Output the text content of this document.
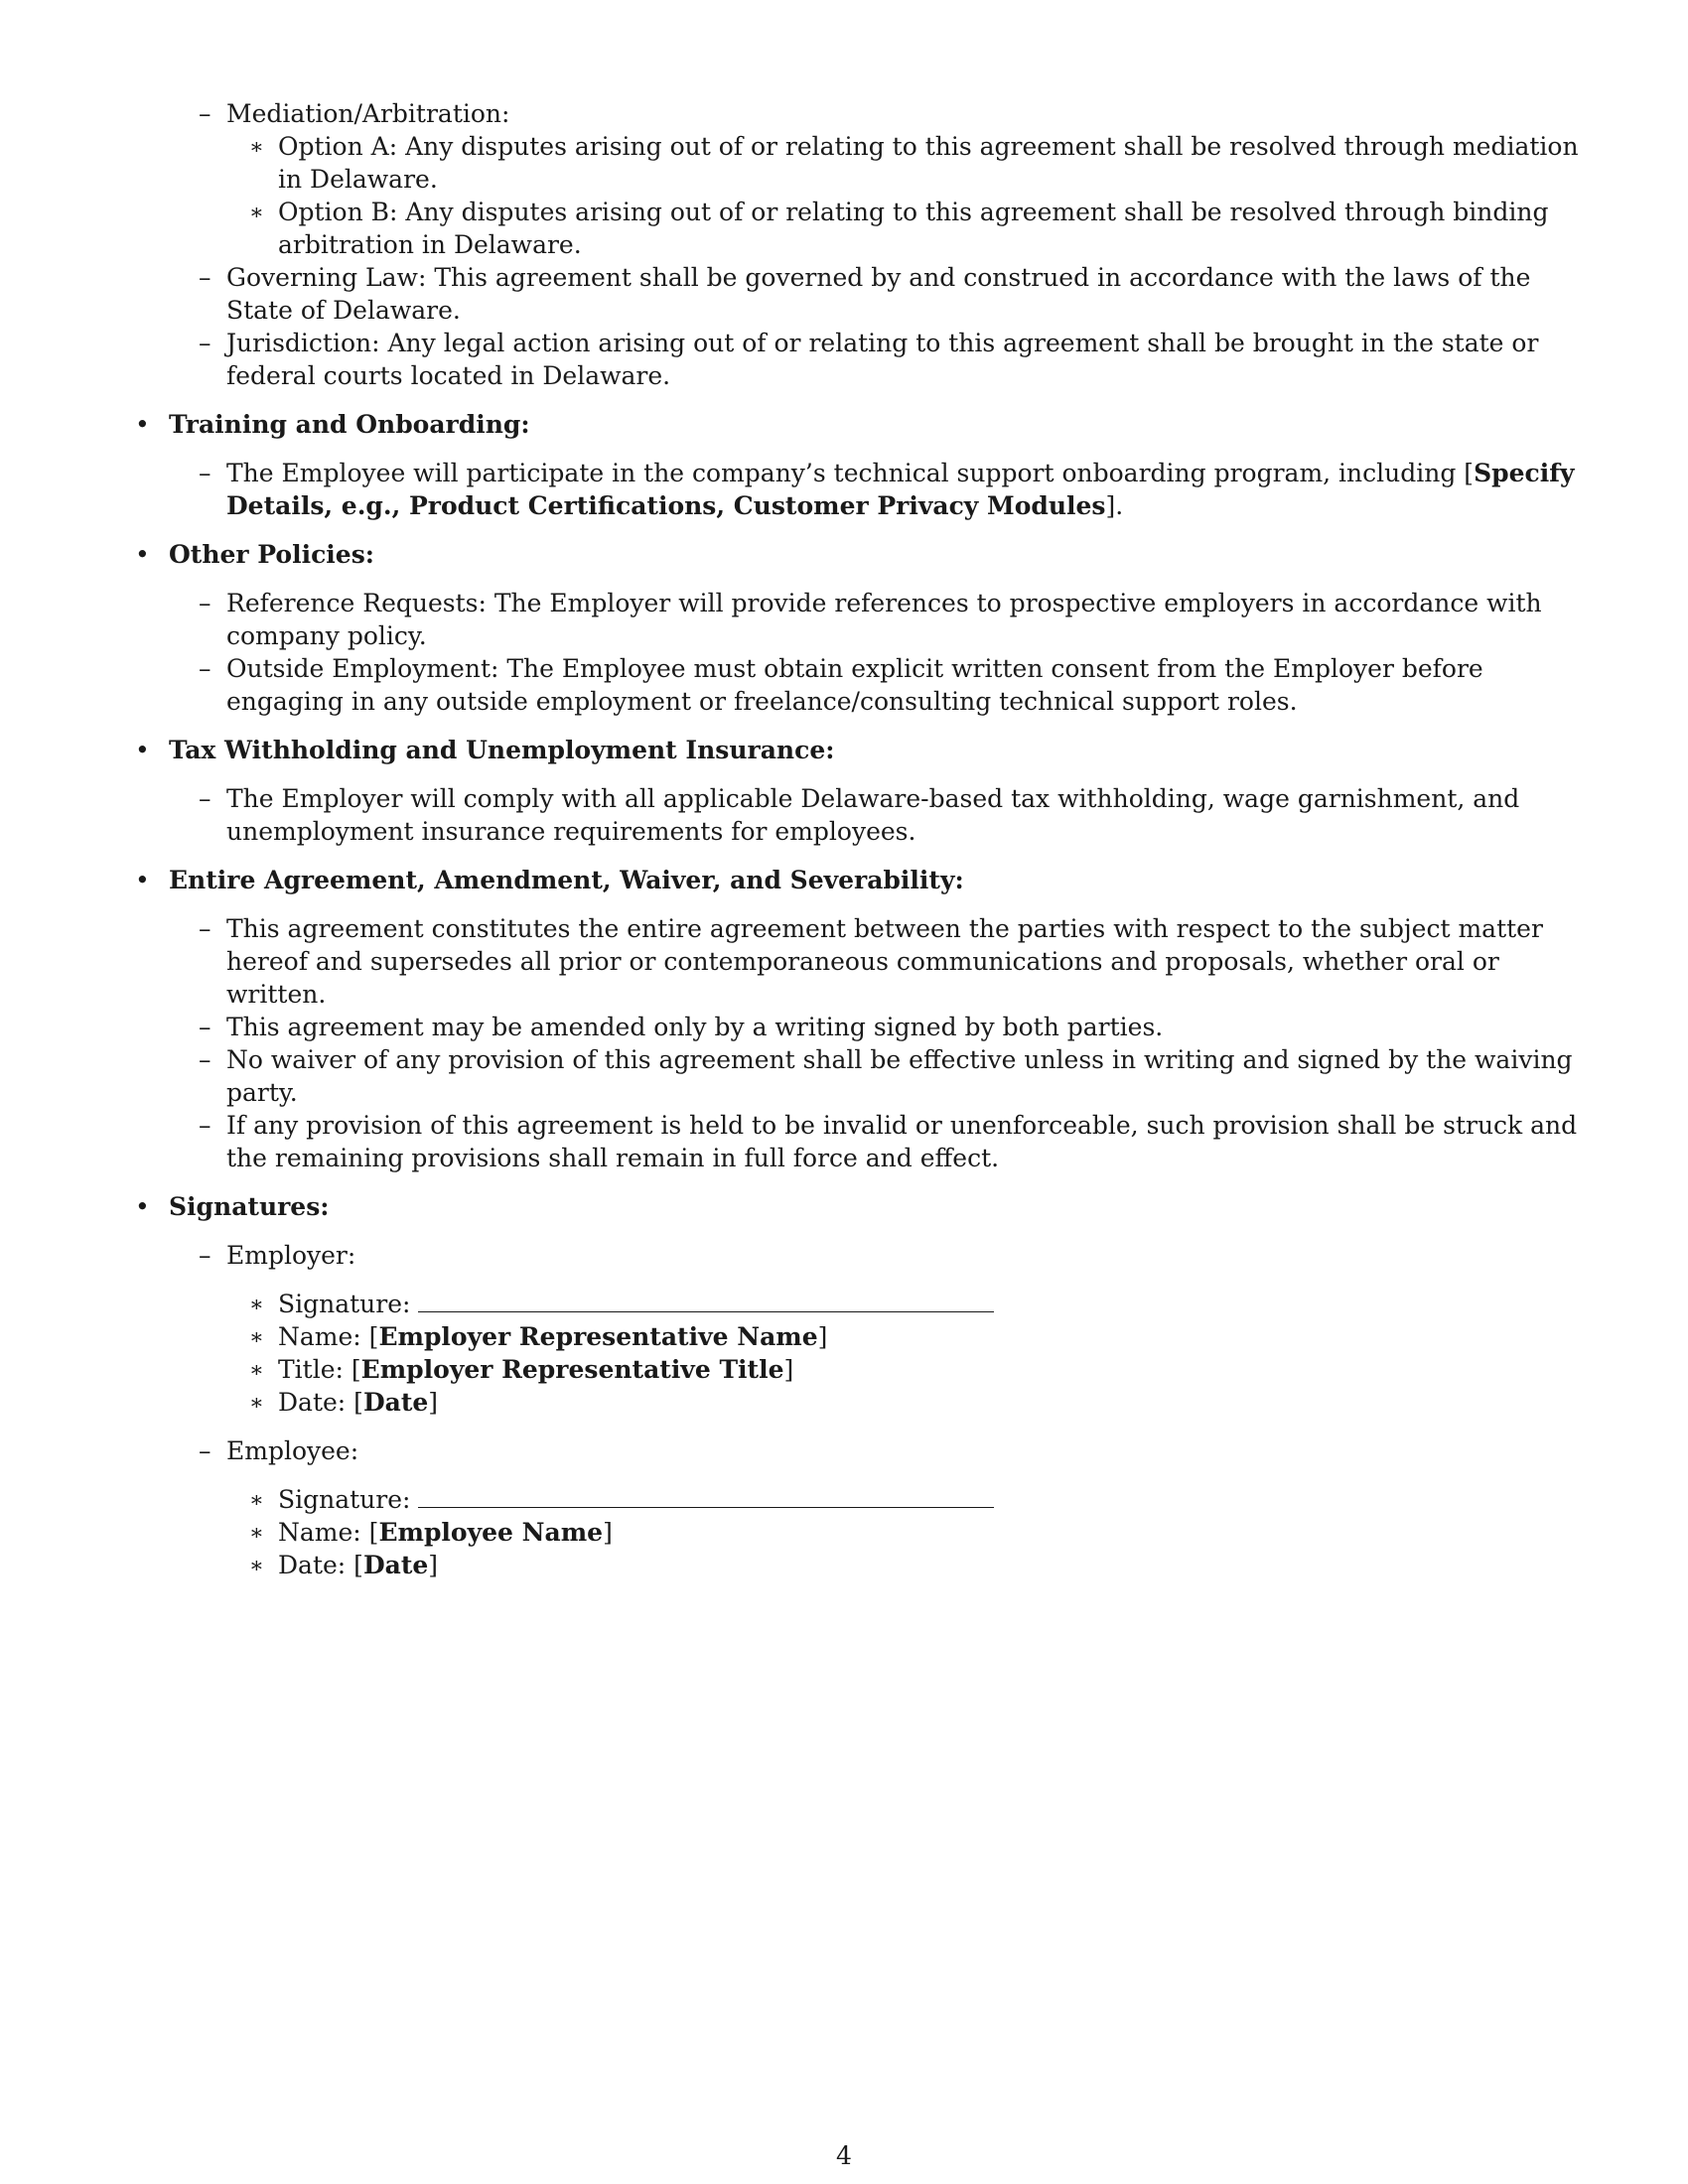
– Mediation/Arbitration:
∗ Option A: Any disputes arising out of or relating to this agreement shall be resolved through mediation in Delaware.
∗ Option B: Any disputes arising out of or relating to this agreement shall be resolved through binding arbitration in Delaware.
– Governing Law: This agreement shall be governed by and construed in accordance with the laws of the State of Delaware.
– Jurisdiction: Any legal action arising out of or relating to this agreement shall be brought in the state or federal courts located in Delaware.
• Training and Onboarding:
– The Employee will participate in the company’s technical support onboarding program, including [Specify Details, e.g., Product Certifications, Customer Privacy Modules].
• Other Policies:
– Reference Requests: The Employer will provide references to prospective employers in accordance with company policy.
– Outside Employment: The Employee must obtain explicit written consent from the Employer before engaging in any outside employment or freelance/consulting technical support roles.
• Tax Withholding and Unemployment Insurance:
– The Employer will comply with all applicable Delaware-based tax withholding, wage garnishment, and unemployment insurance requirements for employees.
• Entire Agreement, Amendment, Waiver, and Severability:
– This agreement constitutes the entire agreement between the parties with respect to the subject matter hereof and supersedes all prior or contemporaneous communications and proposals, whether oral or written.
– This agreement may be amended only by a writing signed by both parties.
– No waiver of any provision of this agreement shall be effective unless in writing and signed by the waiving party.
– If any provision of this agreement is held to be invalid or unenforceable, such provision shall be struck and the remaining provisions shall remain in full force and effect.
• Signatures:
– Employer:
∗ Signature:
∗ Name: [Employer Representative Name]
∗ Title: [Employer Representative Title]
∗ Date: [Date]
– Employee:
∗ Signature:
∗ Name: [Employee Name]
∗ Date: [Date]
4
